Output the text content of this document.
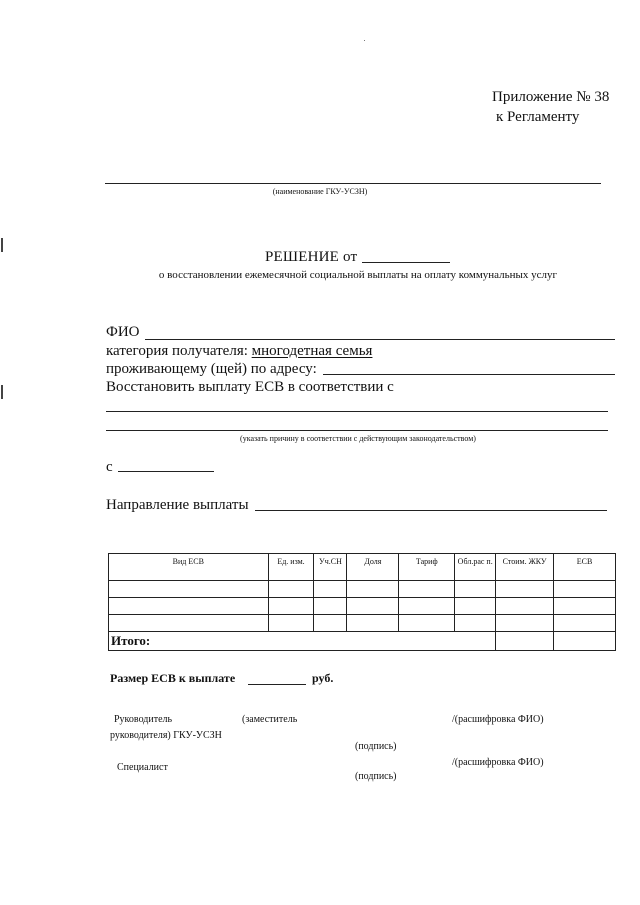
Приложение № 38
к Регламенту
(наименование ГКУ-УСЗН)
РЕШЕНИЕ от
о восстановлении ежемесячной социальной выплаты на оплату коммунальных услуг
ФИО
категория получателя: многодетная семья
проживающему (щей) по адресу:
Восстановить выплату ЕСВ в соответствии с
(указать причину в соответствии с действующим законодательством)
с
Направление выплаты
Вид ЕСВ	Ед. изм.	Уч.СН	Доля	Тариф	Обл.рас п.	Стоим. ЖКУ	ЕСВ

Итого:							
Размер ЕСВ к выплате	руб.
Руководитель	(заместитель	/(расшифровка ФИО)
руководителя) ГКУ-УСЗН
(подпись)
Специалист	/(расшифровка ФИО)
(подпись)
